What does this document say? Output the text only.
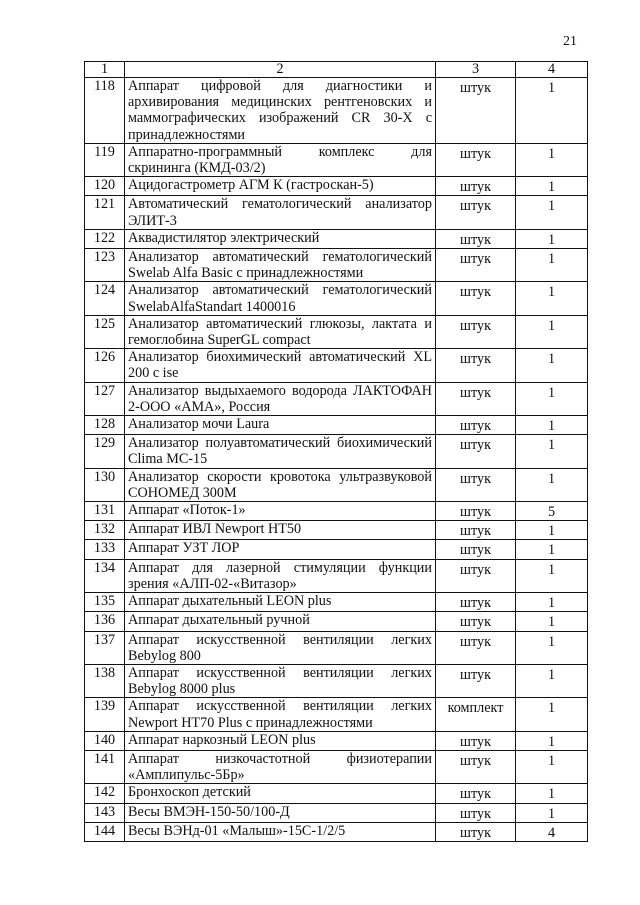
21
1	2	3	4
118	Аппарат цифровой для диагностики и архивирования медицинских рентгеновских и маммографических изображений CR 30-X с принадлежностями	штук	1
119	Аппаратно-программный комплекс для скрининга (КМД-03/2)	штук	1
120	Ацидогастрометр АГМ К (гастроскан-5)	штук	1
121	Автоматический гематологический анализатор ЭЛИТ-3	штук	1
122	Аквадистилятор электрический	штук	1
123	Анализатор автоматический гематологический Swelab Alfa Basic с принадлежностями	штук	1
124	Анализатор автоматический гематологический SwelabAlfaStandart 1400016	штук	1
125	Анализатор автоматический глюкозы, лактата и гемоглобина SuperGL compact	штук	1
126	Анализатор биохимический автоматический XL 200 с ise	штук	1
127	Анализатор выдыхаемого водорода ЛАКТОФАН 2-ООО «АМА», Россия	штук	1
128	Анализатор мочи Laura	штук	1
129	Анализатор полуавтоматический биохимический Clima MC-15	штук	1
130	Анализатор скорости кровотока ультразвуковой СОНОМЕД 300М	штук	1
131	Аппарат «Поток-1»	штук	5
132	Аппарат ИВЛ Newport HT50	штук	1
133	Аппарат УЗТ ЛОР	штук	1
134	Аппарат для лазерной стимуляции функции зрения «АЛП-02-«Витазор»	штук	1
135	Аппарат дыхательный LEON plus	штук	1
136	Аппарат дыхательный ручной	штук	1
137	Аппарат искусственной вентиляции легких Bebylog 800	штук	1
138	Аппарат искусственной вентиляции легких Bebylog 8000 plus	штук	1
139	Аппарат искусственной вентиляции легких Newport HT70 Plus с принадлежностями	комплект	1
140	Аппарат наркозный LEON plus	штук	1
141	Аппарат низкочастотной физиотерапии «Амплипульс-5Бр»	штук	1
142	Бронхоскоп детский	штук	1
143	Весы ВМЭН-150-50/100-Д	штук	1
144	Весы ВЭНд-01 «Малыш»-15С-1/2/5	штук	4
